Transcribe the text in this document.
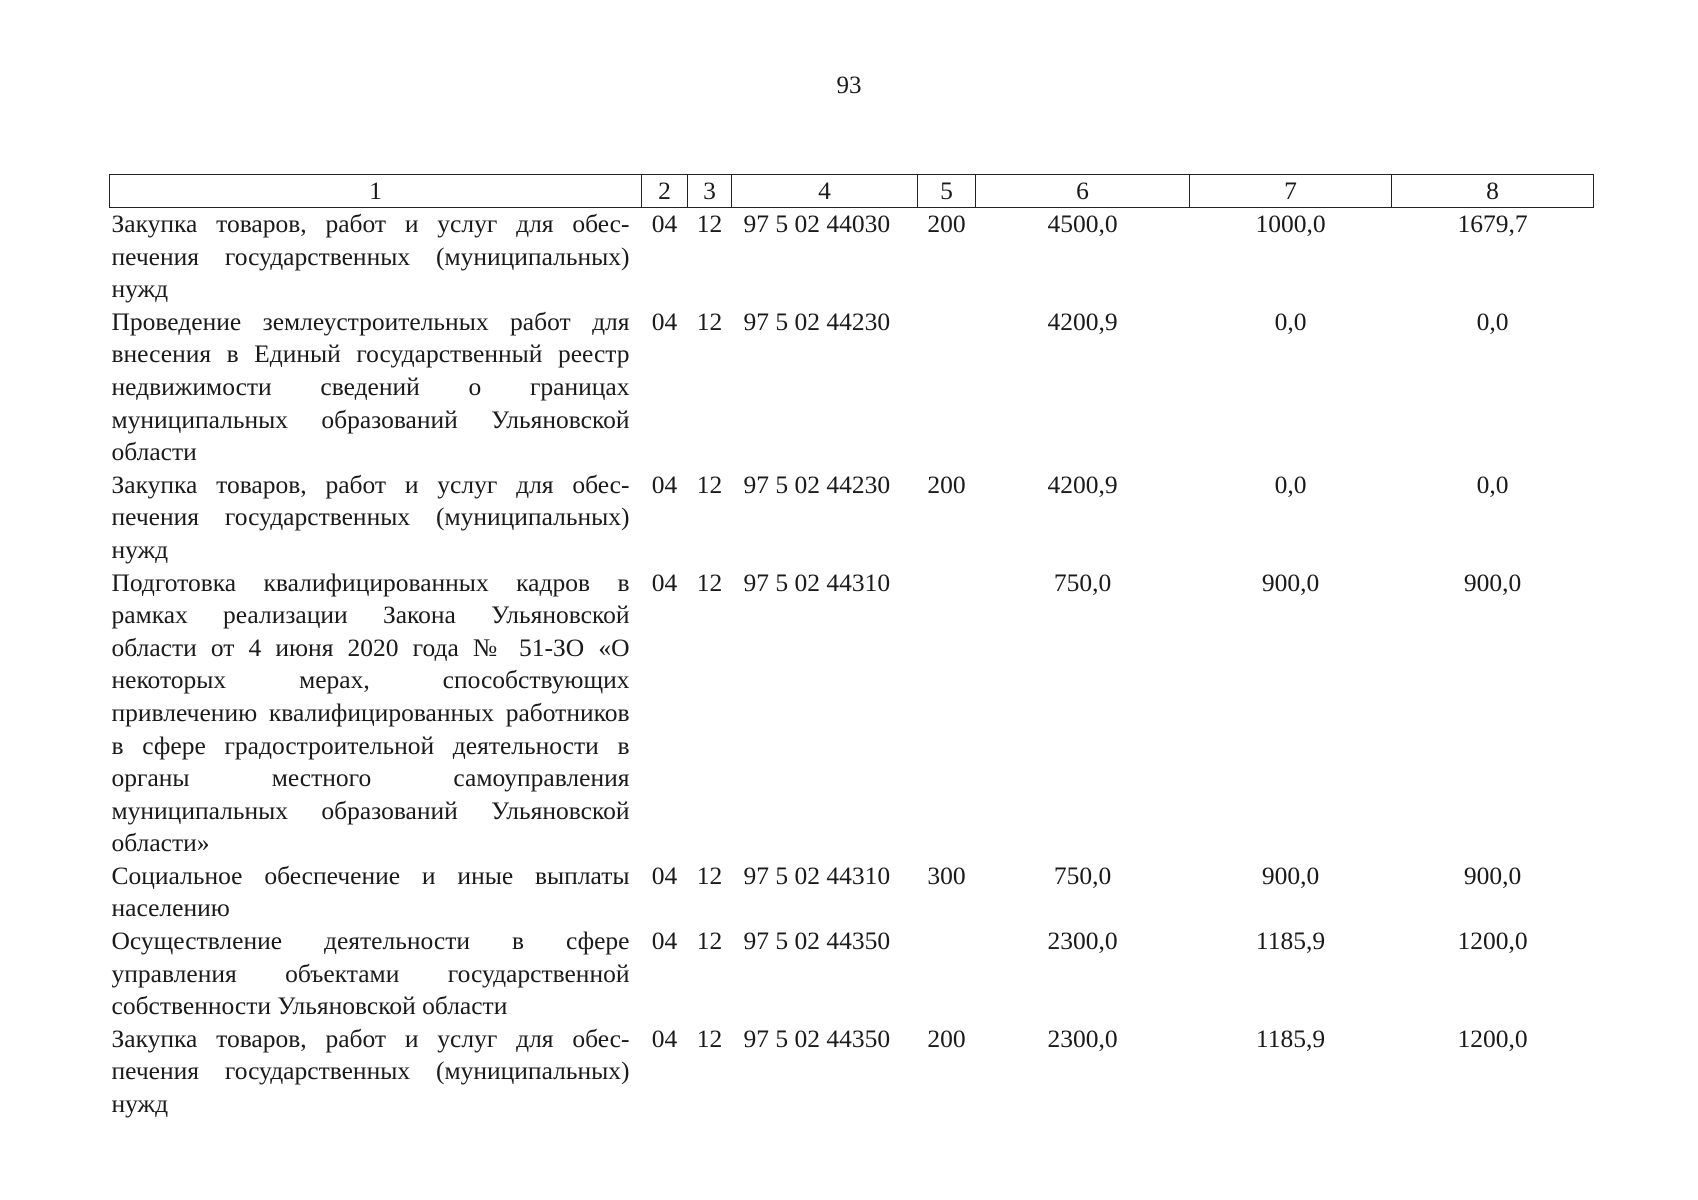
93
1	2	3	4	5	6	7	8
Закупка товаров, работ и услуг для обеспечения государственных (муниципальных) нужд	04	12	97 5 02 44030	200	4500,0	1000,0	1679,7
Проведение землеустроительных работ для внесения в Единый государственный реестр недвижимости сведений о границах муниципальных образований Ульяновской области	04	12	97 5 02 44230		4200,9	0,0	0,0
Закупка товаров, работ и услуг для обеспечения государственных (муниципальных) нужд	04	12	97 5 02 44230	200	4200,9	0,0	0,0
Подготовка квалифицированных кадров в рамках реализации Закона Ульяновской области от 4 июня 2020 года № 51-ЗО «О некоторых мерах, способствующих привлечению квалифицированных работников в сфере градостроительной деятельности в органы местного самоуправления муниципальных образований Ульяновской области»	04	12	97 5 02 44310		750,0	900,0	900,0
Социальное обеспечение и иные выплаты населению	04	12	97 5 02 44310	300	750,0	900,0	900,0
Осуществление деятельности в сфере управления объектами государственной собственности Ульяновской области	04	12	97 5 02 44350		2300,0	1185,9	1200,0
Закупка товаров, работ и услуг для обеспечения государственных (муниципальных) нужд	04	12	97 5 02 44350	200	2300,0	1185,9	1200,0
